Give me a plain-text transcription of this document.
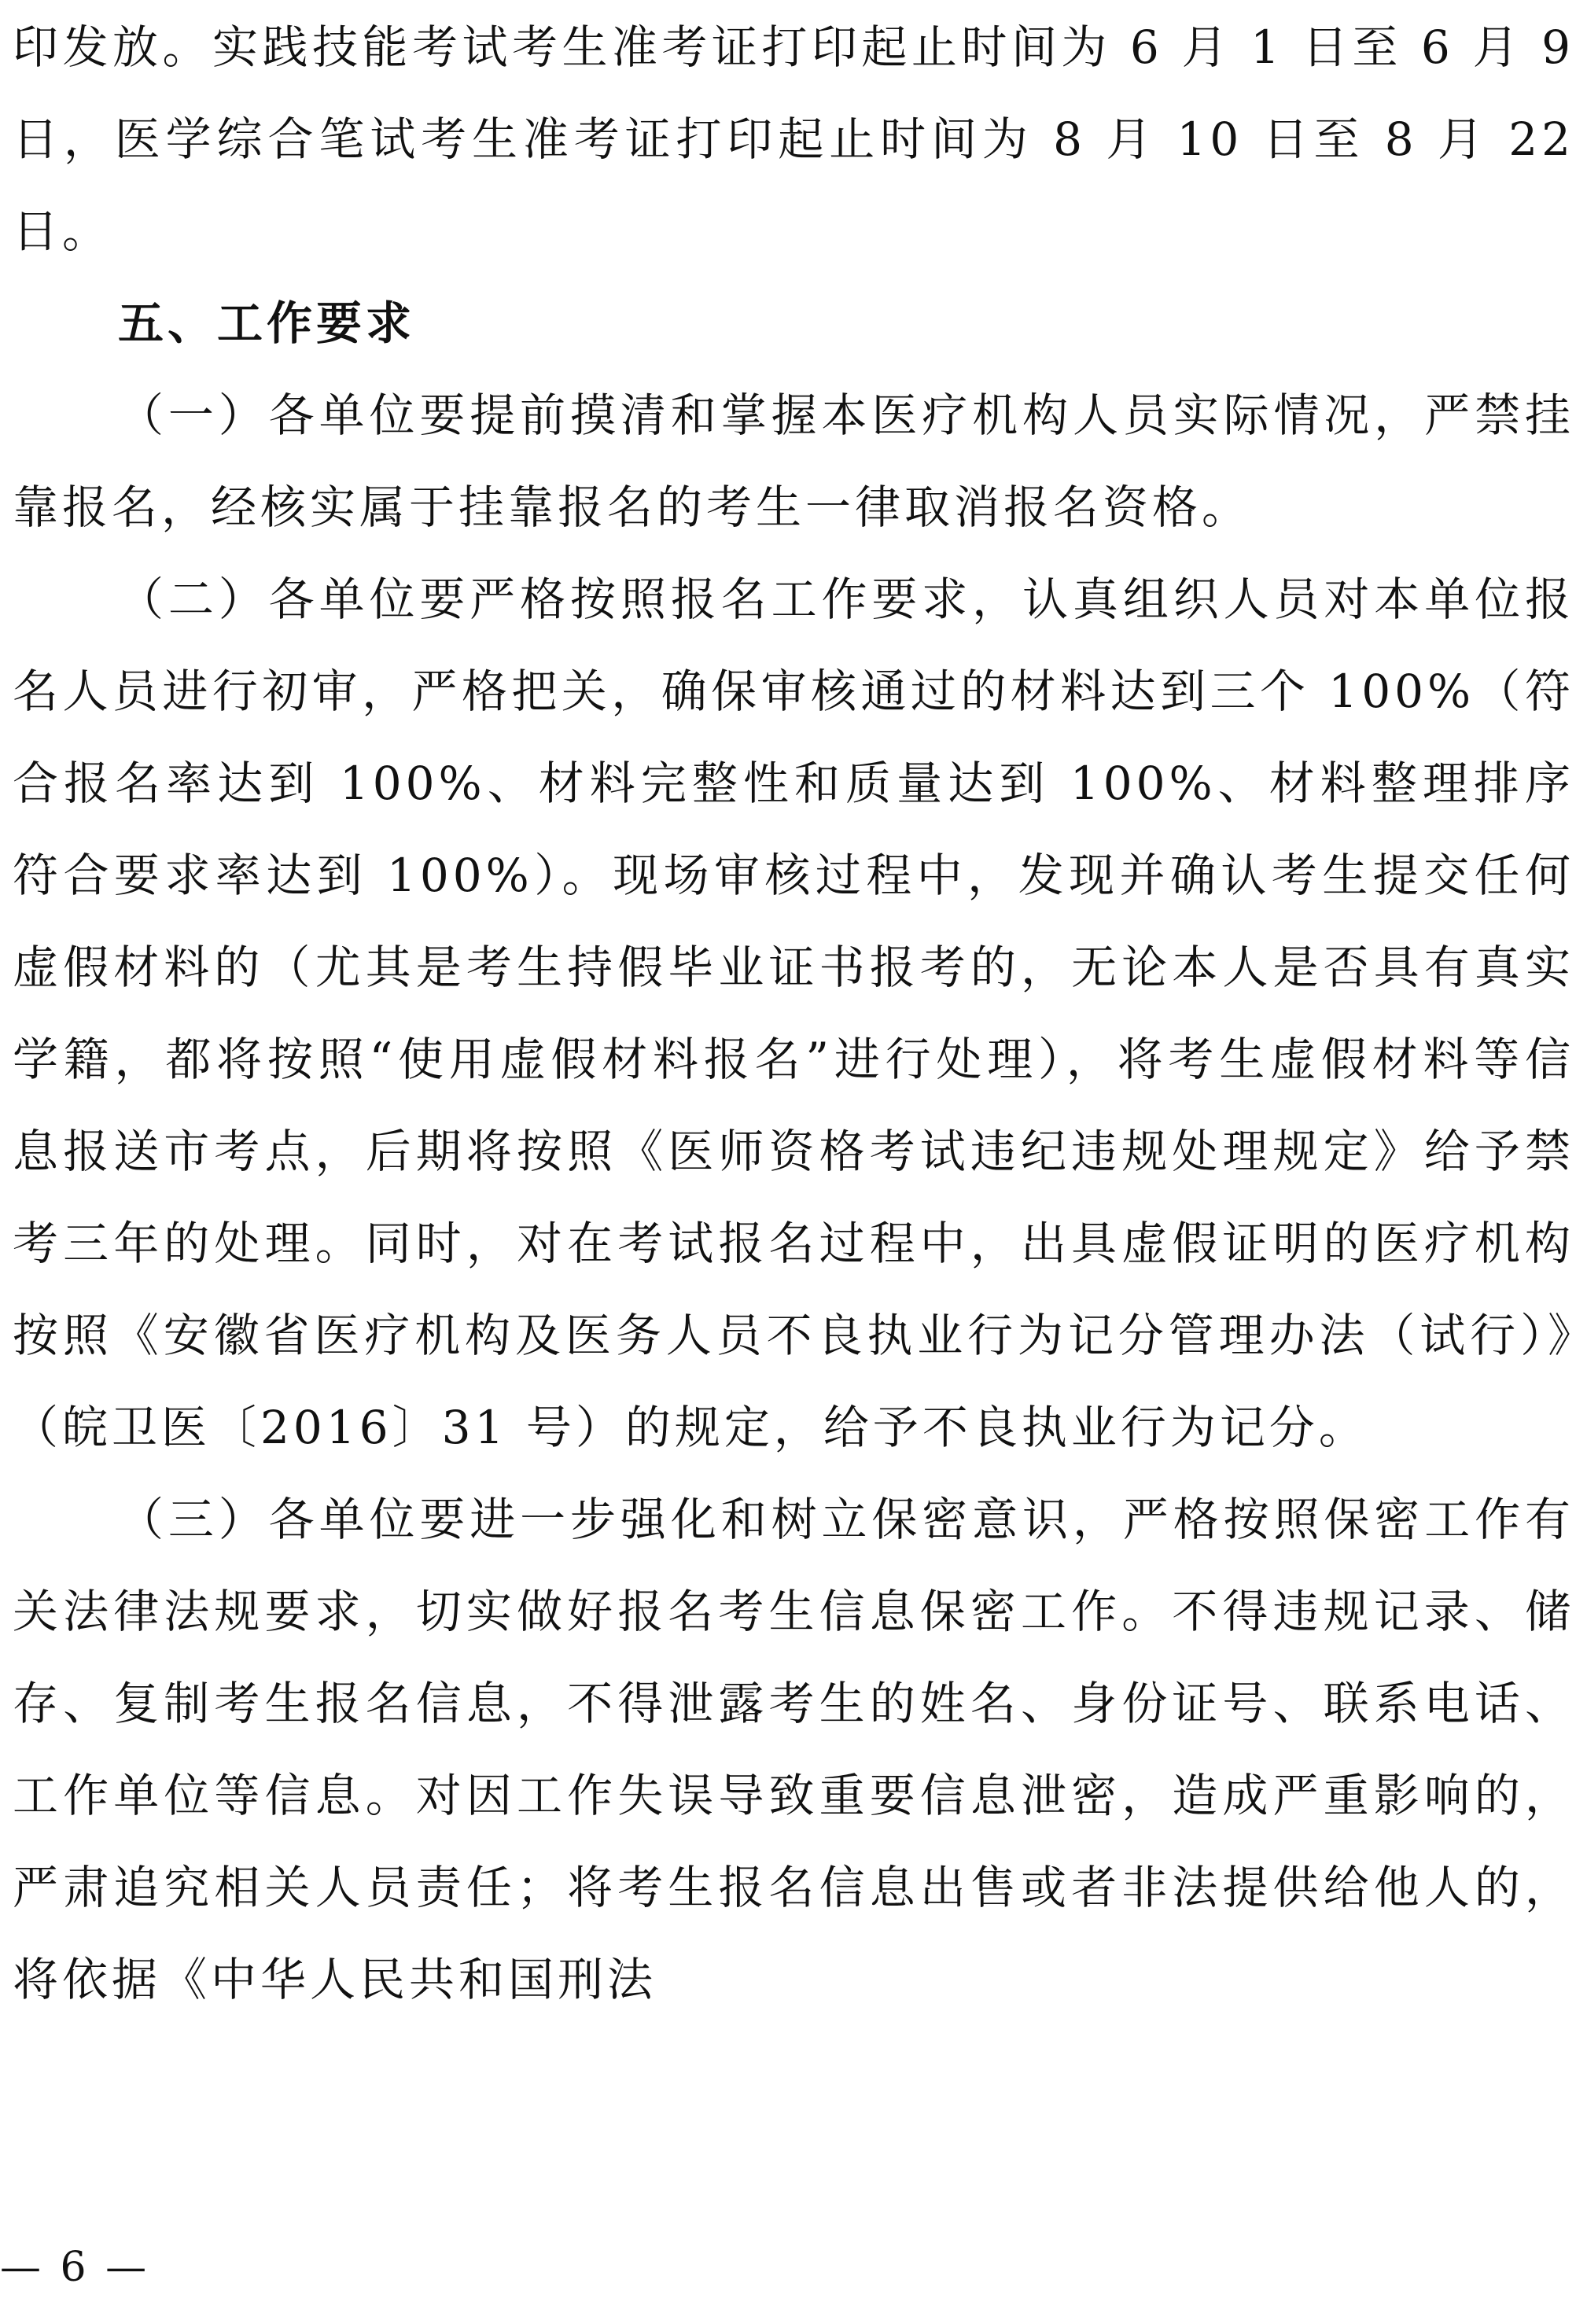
印发放。实践技能考试考生准考证打印起止时间为 6 月 1 日至 6 月 9 日，医学综合笔试考生准考证打印起止时间为 8 月 10 日至 8 月 22 日。

五、工作要求

（一）各单位要提前摸清和掌握本医疗机构人员实际情况，严禁挂靠报名，经核实属于挂靠报名的考生一律取消报名资格。

（二）各单位要严格按照报名工作要求，认真组织人员对本单位报名人员进行初审，严格把关，确保审核通过的材料达到三个 100%（符合报名率达到 100%、材料完整性和质量达到 100%、材料整理排序符合要求率达到 100%）。现场审核过程中，发现并确认考生提交任何虚假材料的（尤其是考生持假毕业证书报考的，无论本人是否具有真实学籍，都将按照“使用虚假材料报名”进行处理），将考生虚假材料等信息报送市考点，后期将按照《医师资格考试违纪违规处理规定》给予禁考三年的处理。同时，对在考试报名过程中，出具虚假证明的医疗机构按照《安徽省医疗机构及医务人员不良执业行为记分管理办法（试行）》（皖卫医〔2016〕31 号）的规定，给予不良执业行为记分。

（三）各单位要进一步强化和树立保密意识，严格按照保密工作有关法律法规要求，切实做好报名考生信息保密工作。不得违规记录、储存、复制考生报名信息，不得泄露考生的姓名、身份证号、联系电话、工作单位等信息。对因工作失误导致重要信息泄密，造成严重影响的，严肃追究相关人员责任；将考生报名信息出售或者非法提供给他人的，将依据《中华人民共和国刑法

— 6 —
